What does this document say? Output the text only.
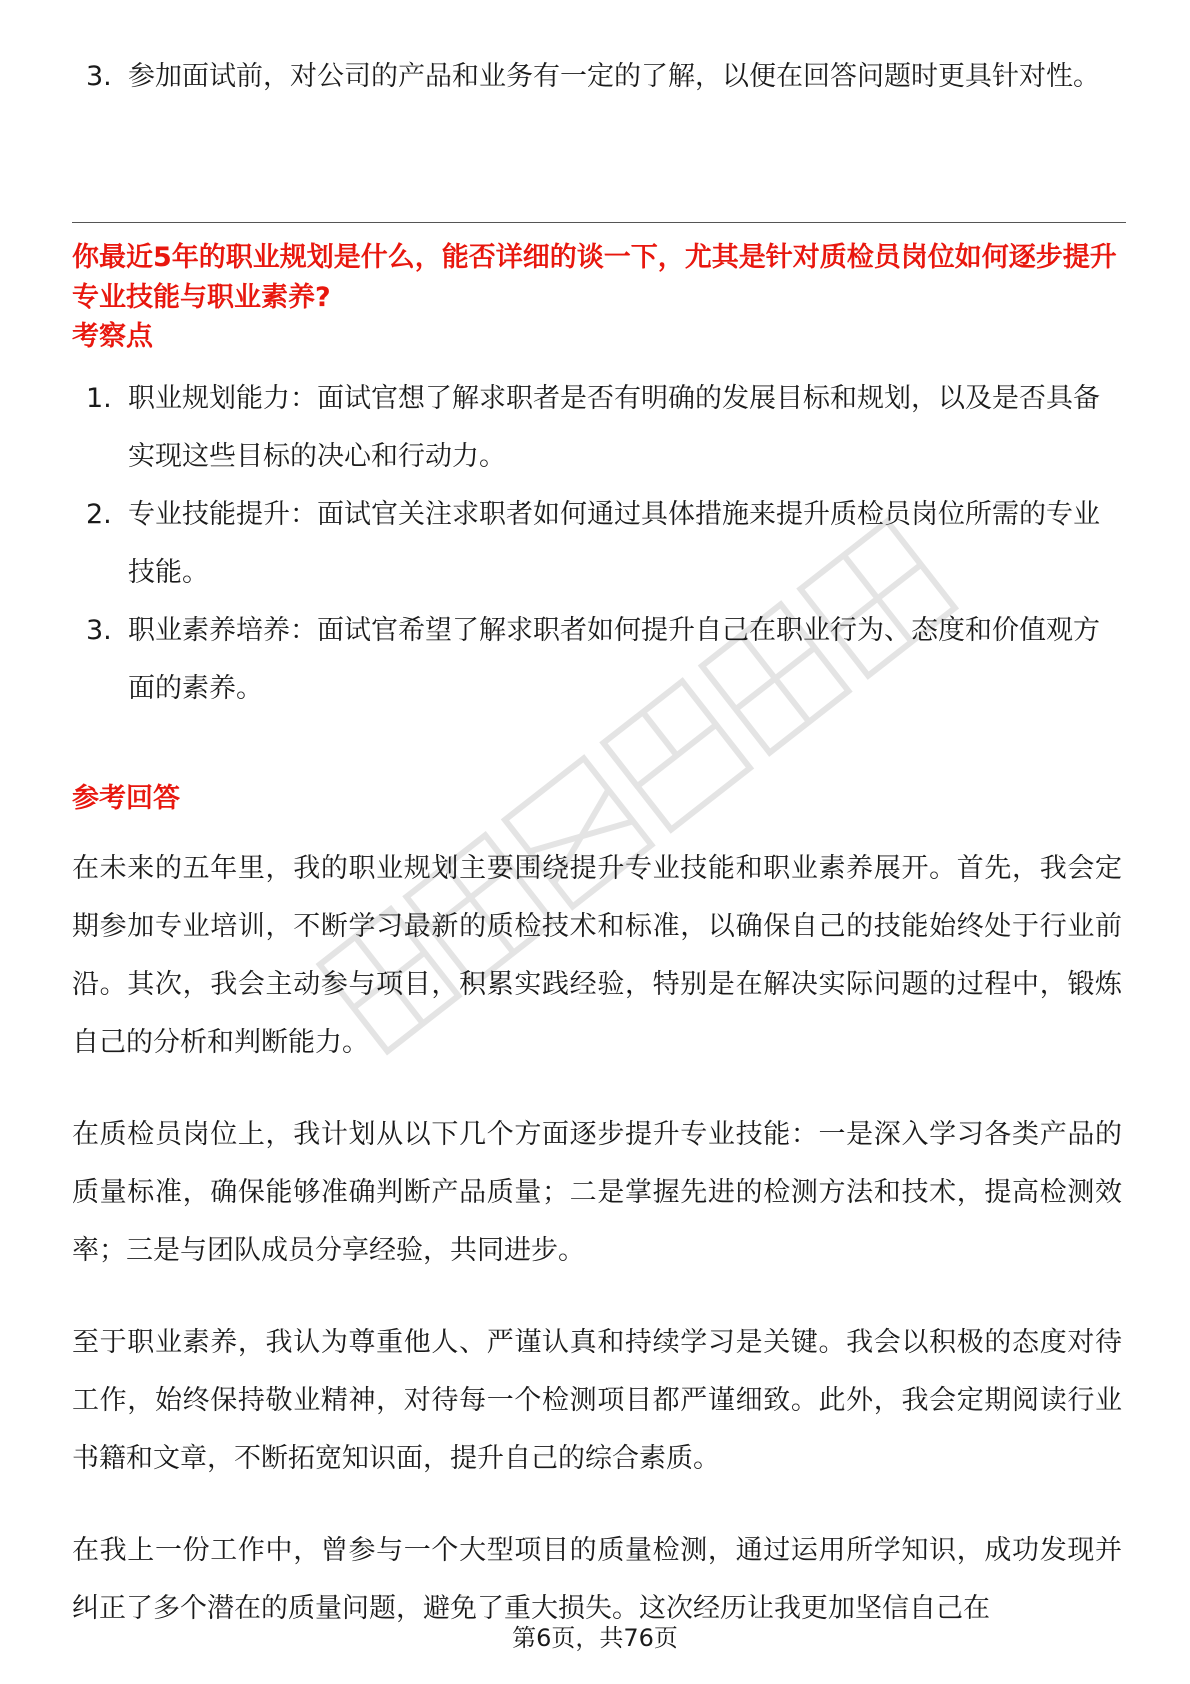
3. 参加面试前，对公司的产品和业务有一定的了解，以便在回答问题时更具针对性。

你最近5年的职业规划是什么，能否详细的谈一下，尤其是针对质检员岗位如何逐步提升专业技能与职业素养?

考察点
1. 职业规划能力：面试官想了解求职者是否有明确的发展目标和规划，以及是否具备实现这些目标的决心和行动力。
2. 专业技能提升：面试官关注求职者如何通过具体措施来提升质检员岗位所需的专业技能。
3. 职业素养培养：面试官希望了解求职者如何提升自己在职业行为、态度和价值观方面的素养。
参考回答

在未来的五年里，我的职业规划主要围绕提升专业技能和职业素养展开。首先，我会定期参加专业培训，不断学习最新的质检技术和标准，以确保自己的技能始终处于行业前沿。其次，我会主动参与项目，积累实践经验，特别是在解决实际问题的过程中，锻炼自己的分析和判断能力。

在质检员岗位上，我计划从以下几个方面逐步提升专业技能：一是深入学习各类产品的质量标准，确保能够准确判断产品质量；二是掌握先进的检测方法和技术，提高检测效率；三是与团队成员分享经验，共同进步。

至于职业素养，我认为尊重他人、严谨认真和持续学习是关键。我会以积极的态度对待工作，始终保持敬业精神，对待每一个检测项目都严谨细致。此外，我会定期阅读行业书籍和文章，不断拓宽知识面，提升自己的综合素质。

在我上一份工作中，曾参与一个大型项目的质量检测，通过运用所学知识，成功发现并纠正了多个潜在的质量问题，避免了重大损失。这次经历让我更加坚信自己在

第6页，共76页
